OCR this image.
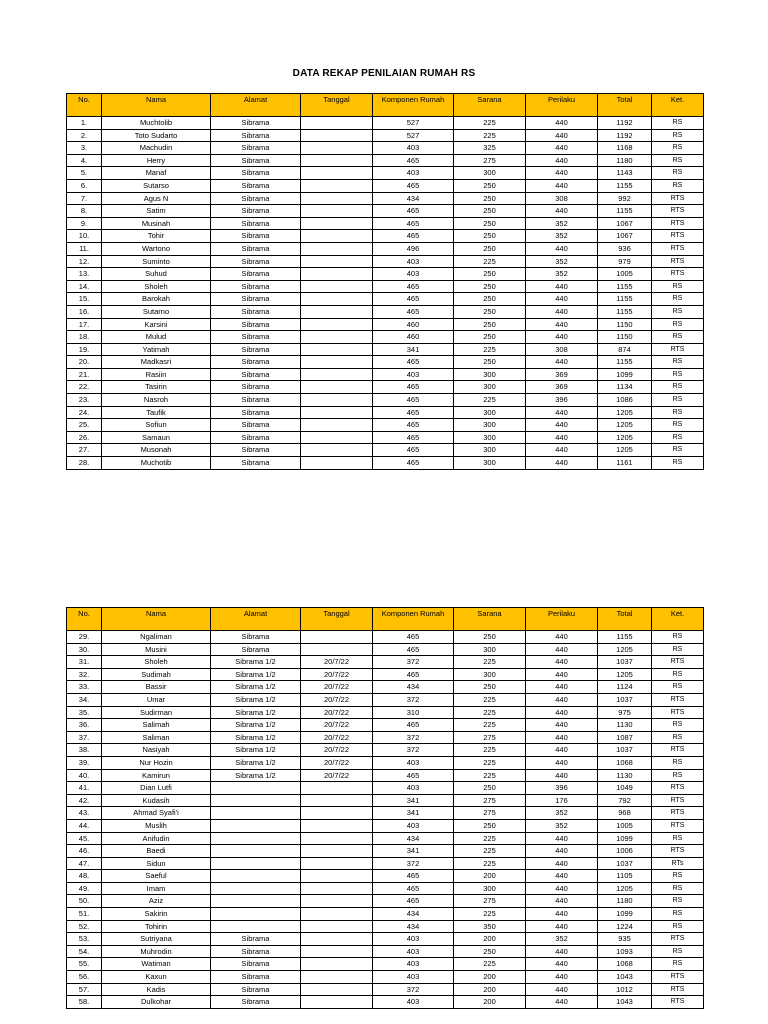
DATA REKAP PENILAIAN RUMAH RS
No.	Nama	Alamat	Tanggal	Komponen Rumah	Sarana	Perilaku	Total	Ket.
1.	Muchtolib	Sibrama		527	225	440	1192	RS
2.	Toto Sudarto	Sibrama		527	225	440	1192	RS
3.	Machudin	Sibrama		403	325	440	1168	RS
4.	Herry	Sibrama		465	275	440	1180	RS
5.	Manaf	Sibrama		403	300	440	1143	RS
6.	Sutarso	Sibrama		465	250	440	1155	RS
7.	Agus N	Sibrama		434	250	308	992	RTS
8.	Satim	Sibrama		465	250	440	1155	RTS
9.	Musinah	Sibrama		465	250	352	1067	RTS
10.	Tohir	Sibrama		465	250	352	1067	RTS
11.	Wartono	Sibrama		496	250	440	936	RTS
12.	Suminto	Sibrama		403	225	352	979	RTS
13.	Suhud	Sibrama		403	250	352	1005	RTS
14.	Sholeh	Sibrama		465	250	440	1155	RS
15.	Barokah	Sibrama		465	250	440	1155	RS
16.	Sutarno	Sibrama		465	250	440	1155	RS
17.	Karsini	Sibrama		460	250	440	1150	RS
18.	Mulud	Sibrama		460	250	440	1150	RS
19.	Yatimah	Sibrama		341	225	308	874	RTS
20.	Madkasri	Sibrama		465	250	440	1155	RS
21.	Rasiin	Sibrama		403	300	369	1099	RS
22.	Tasirin	Sibrama		465	300	369	1134	RS
23.	Nasroh	Sibrama		465	225	396	1086	RS
24.	Taufik	Sibrama		465	300	440	1205	RS
25.	Sofiun	Sibrama		465	300	440	1205	RS
26.	Samaun	Sibrama		465	300	440	1205	RS
27.	Musonah	Sibrama		465	300	440	1205	RS
28.	Muchotib	Sibrama		465	300	440	1161	RS
No.	Nama	Alamat	Tanggal	Komponen Rumah	Sarana	Perilaku	Total	Ket.
29.	Ngaliman	Sibrama		465	250	440	1155	RS
30.	Musini	Sibrama		465	300	440	1205	RS
31.	Sholeh	Sibrama 1/2	20/7/22	372	225	440	1037	RTS
32.	Sudimah	Sibrama 1/2	20/7/22	465	300	440	1205	RS
33.	Bassir	Sibrama 1/2	20/7/22	434	250	440	1124	RS
34.	Umar	Sibrama 1/2	20/7/22	372	225	440	1037	RTS
35.	Sudirman	Sibrama 1/2	20/7/22	310	225	440	975	RTS
36.	Salimah	Sibrama 1/2	20/7/22	465	225	440	1130	RS
37.	Saliman	Sibrama 1/2	20/7/22	372	275	440	1087	RS
38.	Nasiyah	Sibrama 1/2	20/7/22	372	225	440	1037	RTS
39.	Nur Hozin	Sibrama 1/2	20/7/22	403	225	440	1068	RS
40.	Kamirun	Sibrama 1/2	20/7/22	465	225	440	1130	RS
41.	Dian Lutfi			403	250	396	1049	RTS
42.	Kudasih			341	275	176	792	RTS
43.	Ahmad Syafi'i			341	275	352	968	RTS
44.	Muslih			403	250	352	1005	RTS
45.	Anifudin			434	225	440	1099	RS
46.	Baedi			341	225	440	1006	RTS
47.	Sidun			372	225	440	1037	RTs
48.	Saeful			465	200	440	1105	RS
49.	Imam			465	300	440	1205	RS
50.	Aziz			465	275	440	1180	RS
51.	Sakirin			434	225	440	1099	RS
52.	Tohirin			434	350	440	1224	RS
53.	Sutriyana	Sibrama		403	200	352	935	RTS
54.	Muhrodin	Sibrama		403	250	440	1093	RS
55.	Watiman	Sibrama		403	225	440	1068	RS
56.	Kaxun	Sibrama		403	200	440	1043	RTS
57.	Kadis	Sibrama		372	200	440	1012	RTS
58.	Dulkohar	Sibrama		403	200	440	1043	RTS
